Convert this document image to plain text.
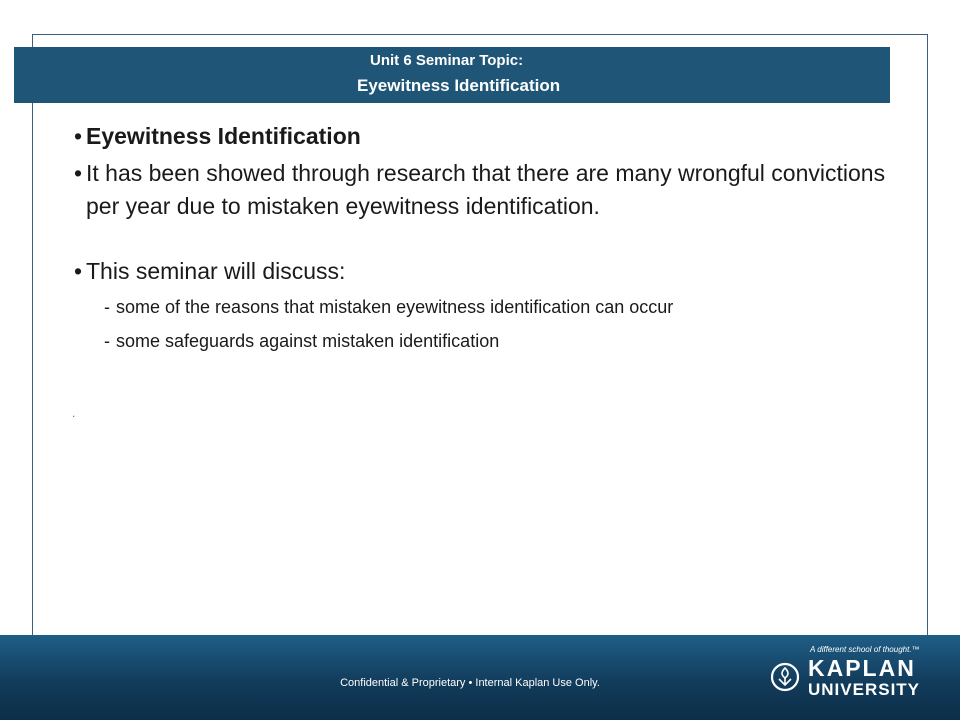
Unit 6 Seminar Topic:
Eyewitness Identification
• Eyewitness Identification
• It has been showed through research that there are many wrongful convictions per year due to mistaken eyewitness identification.
• This seminar will discuss:
- some of the reasons that mistaken eyewitness identification can occur
- some safeguards against mistaken identification
.
Confidential & Proprietary • Internal Kaplan Use Only.
A different school of thought.™
KAPLAN
UNIVERSITY
